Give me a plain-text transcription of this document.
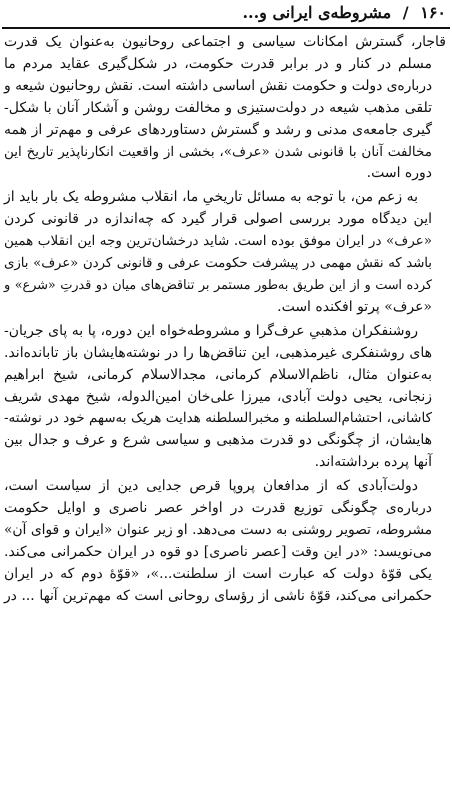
۱۶۰ / مشروطه‌ی ایرانی و...

قاجار، گسترش امکانات سیاسی و اجتماعی روحانیون به‌عنوان یک قدرت
مسلم در کنار و در برابر قدرت حکومت، در شکل‌گیری عقاید مردم ما
درباره‌ی دولت و حکومت نقش اساسی داشته است. نقش روحانیون شیعه و
تلقی مذهب شیعه در دولت‌ستیزی و مخالفت روشن و آشکار آنان با شکل-
گیری جامعه‌ی مدنی و رشد و گسترش دستاوردهای عرفی و مهم‌تر از همه
مخالفت آنان با قانونی شدن «عرف»، بخشی از واقعیت انکارناپذیر تاریخ این
دوره است.

به زعم من، با توجه به مسائل تاریخیِ ما، انقلاب مشروطه یک بار باید از
این دیدگاه مورد بررسی اصولی قرار گیرد که چه‌اندازه در قانونی کردن
«عرف» در ایران موفق بوده است. شاید درخشان‌ترین وجه این انقلاب همین
باشد که نقش مهمی در پیشرفت حکومت عرفی و قانونی کردن «عرف» بازی
کرده است و از این طریق به‌طور مستمر بر تناقض‌های میان دو قدرتِ «شرع» و
«عرف» پرتو افکنده است.

روشنفکران مذهبیِ عرف‌گرا و مشروطه‌خواه این دوره، پا به پای جریان-
های روشنفکری غیرمذهبی، این تناقض‌ها را در نوشته‌هایشان باز تابانده‌اند.
به‌عنوان مثال، ناظم‌الاسلام کرمانی، مجدالاسلام کرمانی، شیخ ابراهیم
زنجانی، یحیی دولت آبادی، میرزا علی‌خان امین‌الدوله، شیخ مهدی شریف
کاشانی، احتشام‌السلطنه و مخبرالسلطنه هدایت هریک به‌سهم خود در نوشته-
هایشان، از چگونگی دو قدرت مذهبی و سیاسی شرع و عرف و جدال بین
آنها پرده برداشته‌اند.

دولت‌آبادی که از مدافعان پروپا قرص جدایی دین از سیاست است،
درباره‌ی چگونگی توزیع قدرت در اواخر عصر ناصری و اوایل حکومت
مشروطه، تصویر روشنی به دست می‌دهد. او زیر عنوان «ایران و قوای آن»
می‌نویسد: «در این وقت [عصر ناصری] دو قوه در ایران حکمرانی می‌کند.
یکی قوّهٔ دولت که عبارت است از سلطنت...»، «قوّهٔ دوم که در ایران
حکمرانی می‌کند، قوّهٔ ناشی از رؤسای روحانی است که مهم‌ترین آنها ... در
